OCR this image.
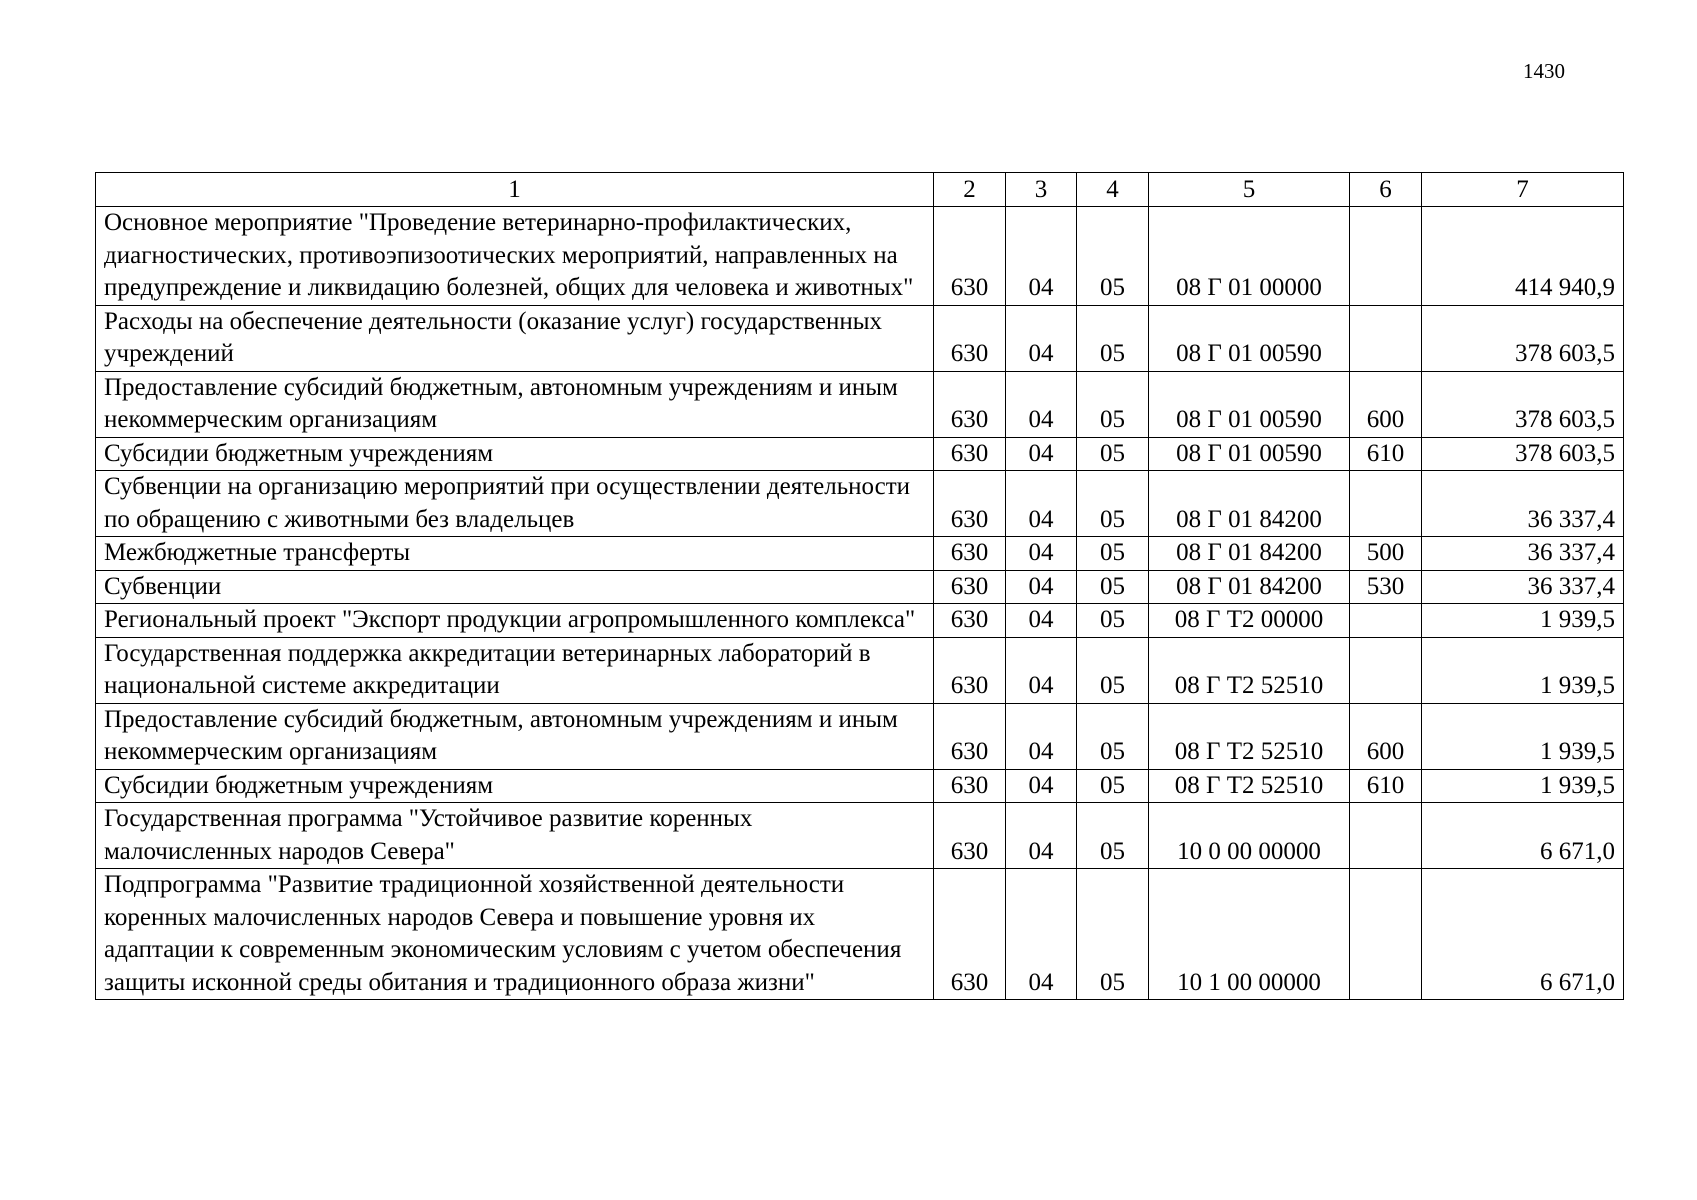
1430
1	2	3	4	5	6	7
Основное мероприятие "Проведение ветеринарно-профилактических, диагностических, противоэпизоотических мероприятий, направленных на предупреждение и ликвидацию болезней, общих для человека и животных"	630	04	05	08 Г 01 00000		414 940,9
Расходы на обеспечение деятельности (оказание услуг) государственных учреждений	630	04	05	08 Г 01 00590		378 603,5
Предоставление субсидий бюджетным, автономным учреждениям и иным некоммерческим организациям	630	04	05	08 Г 01 00590	600	378 603,5
Субсидии бюджетным учреждениям	630	04	05	08 Г 01 00590	610	378 603,5
Субвенции на организацию мероприятий при осуществлении деятельности по обращению с животными без владельцев	630	04	05	08 Г 01 84200		36 337,4
Межбюджетные трансферты	630	04	05	08 Г 01 84200	500	36 337,4
Субвенции	630	04	05	08 Г 01 84200	530	36 337,4
Региональный проект "Экспорт продукции агропромышленного комплекса"	630	04	05	08 Г Т2 00000		1 939,5
Государственная поддержка аккредитации ветеринарных лабораторий в национальной системе аккредитации	630	04	05	08 Г Т2 52510		1 939,5
Предоставление субсидий бюджетным, автономным учреждениям и иным некоммерческим организациям	630	04	05	08 Г Т2 52510	600	1 939,5
Субсидии бюджетным учреждениям	630	04	05	08 Г Т2 52510	610	1 939,5
Государственная программа "Устойчивое развитие коренных малочисленных народов Севера"	630	04	05	10 0 00 00000		6 671,0
Подпрограмма "Развитие традиционной хозяйственной деятельности коренных малочисленных народов Севера и повышение уровня их адаптации к современным экономическим условиям с учетом обеспечения защиты исконной среды обитания и традиционного образа жизни"	630	04	05	10 1 00 00000		6 671,0
